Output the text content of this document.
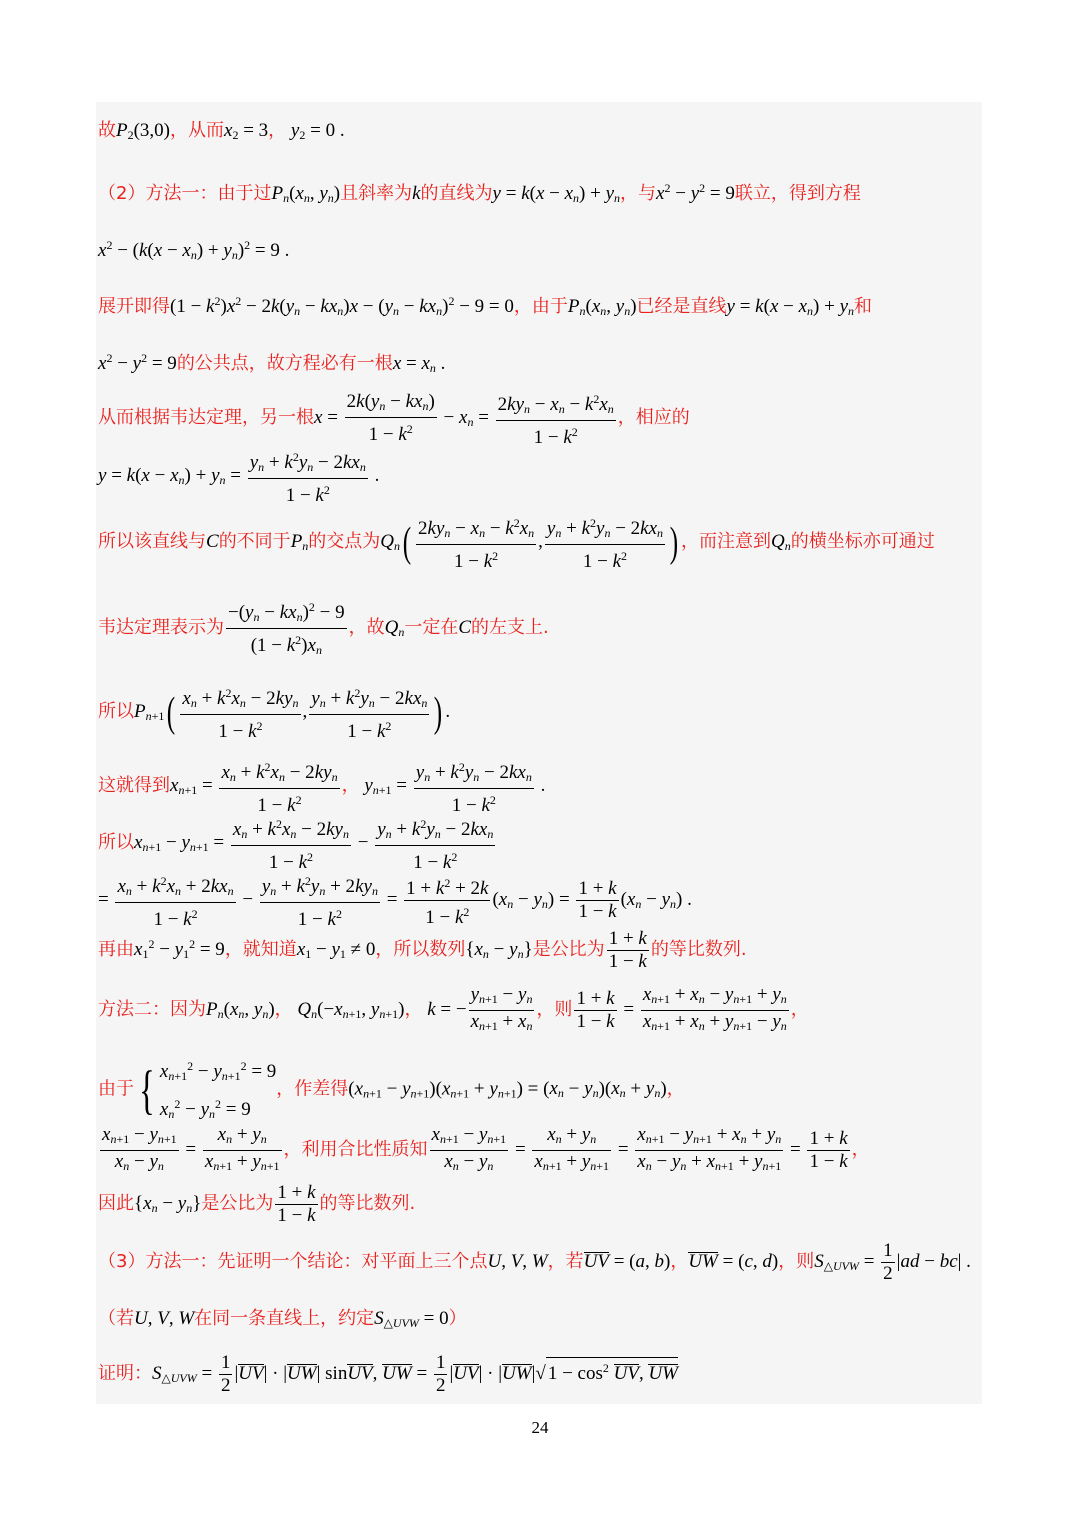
故$P_2(3,0)$，从而$x_2 = 3$， $y_2 = 0$ .
（2）方法一：由于过$P_n(x_n$, $y_n$)且斜率为k的直线为$y = k(x - x_n) + y_n$，与$x^2 - y^2 = 9$联立，得到方程
$x^2 - (k(x - x_n) + y_n)^2 = 9$ .
展开即得$(1 - k^2)x^2 - 2k(y_n - kx_n)x - (y_n - kx_n)^2 - 9 = 0$，由于$P_n(x_n$, $y_n$)已经是直线$y = k(x - x_n) + y_n$和
$x^2 - y^2 = 9$的公共点，故方程必有一根$x = x_n$ .
从而根据韦达定理，另一根$x = \frac{2k(y_n - kx_n)}{1 - k^2} - x_n = \frac{2ky_n - x_n - k^2x_n}{1 - k^2}$ ，相应的
$y = k(x - x_n) + y_n = \frac{y_n + k^2y_n - 2kx_n}{1 - k^2}$ .
所以该直线与C的不同于$P_n$的交点为$Q_n( \frac{2ky_n - x_n - k^2x_n}{1 - k^2}$ , $\frac{y_n + k^2y_n - 2kx_n}{1 - k^2}$ ) ，而注意到$Q_n$的横坐标亦可通过
韦达定理表示为 $\frac{-(y_n - kx_n)^2 - 9}{(1 - k^2)x_n}$ ，故$Q_n$一定在C的左支上.
所以$P_{n+1}( \frac{x_n + k^2x_n - 2ky_n}{1 - k^2}$ , $\frac{y_n + k^2y_n - 2kx_n}{1 - k^2}$ ) .
这就得到$x_{n+1} = \frac{x_n + k^2x_n - 2ky_n}{1 - k^2}$ ， $y_{n+1} = \frac{y_n + k^2y_n - 2kx_n}{1 - k^2}$ .
所以$x_{n+1} - y_{n+1} = \frac{x_n + k^2x_n - 2ky_n}{1 - k^2} - \frac{y_n + k^2y_n - 2kx_n}{1 - k^2}$
= $\frac{x_n + k^2x_n + 2kx_n}{1 - k^2} - \frac{y_n + k^2y_n + 2ky_n}{1 - k^2} = \frac{1 + k^2 + 2k}{1 - k^2} (x_n - y_n) = \frac{1 + k}{1 - k} (x_n - y_n)$ .
再由$x_1^2 - y_1^2 = 9$，就知道$x_1 - y_1 \ne 0$，所以数列$\{x_n - y_n\}$是公比为 $\frac{1 + k}{1 - k}$ 的等比数列.
方法二：因为$P_n(x_n$, $y_n$)， $Q_n(-x_{n+1}$, $y_{n+1}$)， k = − $\frac{y_{n+1} - y_n}{x_{n+1} + x_n}$ ，则 $\frac{1 + k}{1 - k} = \frac{x_{n+1} + x_n - y_{n+1} + y_n}{x_{n+1} + x_n + y_{n+1} - y_n}$ ，
由于{ $x_{n+1}^2 - y_{n+1}^2 = 9$
$x_n^2 - y_n^2 = 9$
，作差得$(x_{n+1} - y_{n+1})(x_{n+1} + y_{n+1}) = (x_n - y_n)(x_n + y_n)$，
$\frac{x_{n+1} - y_{n+1}}{x_n - y_n} = \frac{x_n + y_n}{x_{n+1} + y_{n+1}}$ ，利用合比性质知 $\frac{x_{n+1} - y_{n+1}}{x_n - y_n} = \frac{x_n + y_n}{x_{n+1} + y_{n+1}} = \frac{x_{n+1} - y_{n+1} + x_n + y_n}{x_n - y_n + x_{n+1} + y_{n+1}} = \frac{1 + k}{1 - k}$ ，
因此$\{x_n - y_n\}$是公比为 $\frac{1 + k}{1 - k}$ 的等比数列.
（3）方法一：先证明一个结论：对平面上三个点U, V, W，若UV = (a, b)，UW = (c, d)，则$S_{\triangle UVW} = \frac{1}{2} |ad - bc|$ .
（若U, V, W在同一条直线上，约定$S_{\triangle UVW} = 0$）
证明：$S_{\triangle UVW} = \frac{1}{2} |UV| \cdot |UW|$ sinUV, UW = $\frac{1}{2} |UV| \cdot |UW|√$ $1 - \cos^2$ UV, UW
24
